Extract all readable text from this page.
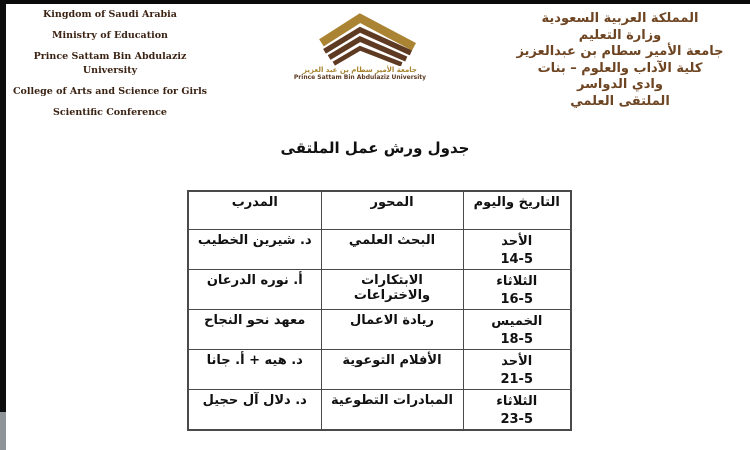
Kingdom of Saudi Arabia

Ministry of Education

Prince Sattam Bin Abdulaziz University

College of Arts and Science for Girls

Scientific Conference

جامعة الأمير سطام بن عبد العزيز
Prince Sattam Bin Abdulaziz University

المملكة العربية السعودية

وزارة التعليم

جامعة الأمير سطام بن عبدالعزيز

كلية الآداب والعلوم – بنات

وادي الدواسر

الملتقى العلمي

جدول ورش عمل الملتقى
التاريخ واليوم	المحور	المدرب

الأحد
14-5	البحث العلمي	د. شيرين الخطيب

الثلاثاء
16-5	الابتكارات والاختراعات	أ. نوره الدرعان

الخميس
18-5	ريادة الاعمال	معهد نحو النجاح

الأحد
21-5	الأفلام التوعوية	د. هيه + أ. جانا

الثلاثاء
23-5	المبادرات التطوعية	د. دلال آل حجيل
